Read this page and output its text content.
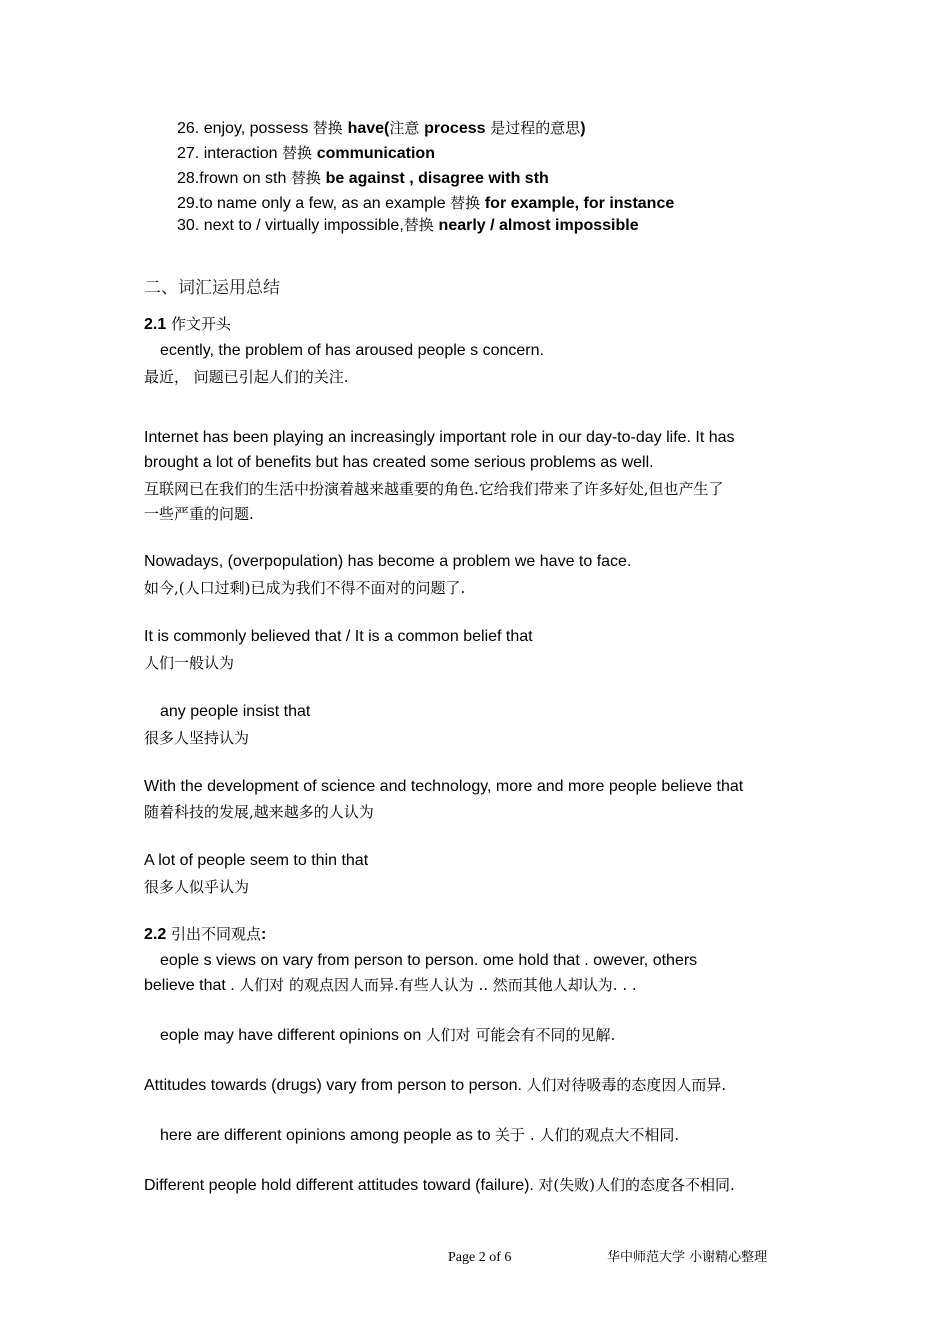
26. enjoy, possess 替换 have(注意 process 是过程的意思)
27. interaction 替换 communication
28.frown on sth 替换 be against , disagree with sth
29.to name only a few, as an example 替换 for example, for instance
30. next to / virtually impossible,替换 nearly / almost impossible
二、词汇运用总结
2.1 作文开头
ecently, the problem of has aroused people s concern.
最近， 问题已引起人们的关注.
Internet has been playing an increasingly important role in our day-to-day life. It has
brought a lot of benefits but has created some serious problems as well.
互联网已在我们的生活中扮演着越来越重要的角色.它给我们带来了许多好处,但也产生了
一些严重的问题.
Nowadays, (overpopulation) has become a problem we have to face.
如今,(人口过剩)已成为我们不得不面对的问题了.
It is commonly believed that / It is a common belief that
人们一般认为
any people insist that
很多人坚持认为
With the development of science and technology, more and more people believe that
随着科技的发展,越来越多的人认为
A lot of people seem to thin that
很多人似乎认为
2.2 引出不同观点:
eople s views on vary from person to person. ome hold that . owever, others
believe that . 人们对 的观点因人而异.有些人认为 .. 然而其他人却认为. . .
eople may have different opinions on 人们对 可能会有不同的见解.
Attitudes towards (drugs) vary from person to person. 人们对待吸毒的态度因人而异.
here are different opinions among people as to 关于 . 人们的观点大不相同.
Different people hold different attitudes toward (failure). 对(失败)人们的态度各不相同.
Page 2 of 6	华中师范大学 小谢精心整理
